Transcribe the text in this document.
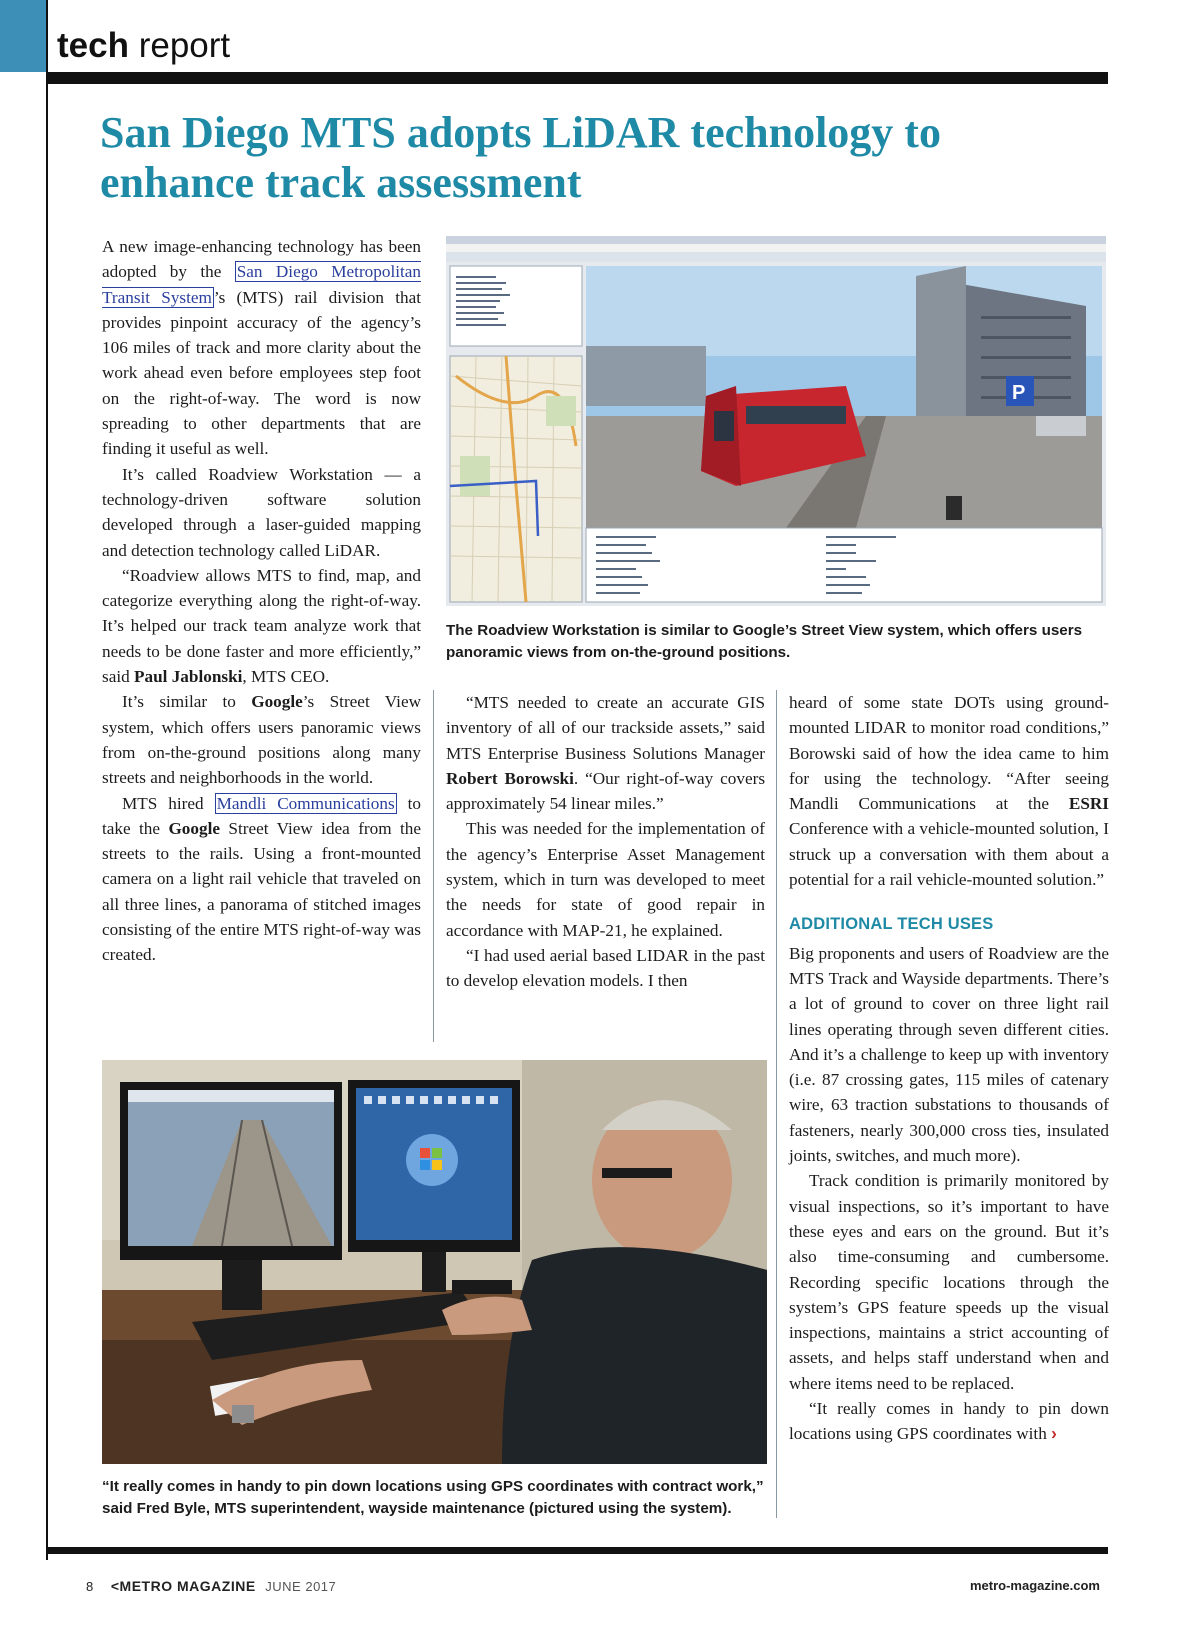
tech report
San Diego MTS adopts LiDAR technology to enhance track assessment

A new image-enhancing technology has been adopted by the San Diego Metropolitan Transit System ’s (MTS) rail division that provides pinpoint accuracy of the agency’s 106 miles of track and more clarity about the work ahead even before employees step foot on the right-of-way. The word is now spreading to other departments that are finding it useful as well.

It’s called Roadview Workstation — a technology-driven software solution developed through a laser-guided mapping and detection technology called LiDAR.

“Roadview allows MTS to find, map, and categorize everything along the right-of-way. It’s helped our track team analyze work that needs to be done faster and more efficiently,” said Paul Jablonski, MTS CEO.

It’s similar to Google’s Street View system, which offers users panoramic views from on-the-ground positions along many streets and neighborhoods in the world.

MTS hired Mandli Communications to take the Google Street View idea from the streets to the rails. Using a front-mounted camera on a light rail vehicle that traveled on all three lines, a panorama of stitched images consisting of the entire MTS right-of-way was created.

P
The Roadview Workstation is similar to Google’s Street View system, which offers users panoramic views from on-the-ground positions.

“MTS needed to create an accurate GIS inventory of all of our trackside assets,” said MTS Enterprise Business Solutions Manager Robert Borowski. “Our right-of-way covers approximately 54 linear miles.”

This was needed for the implementation of the agency’s Enterprise Asset Management system, which in turn was developed to meet the needs for state of good repair in accordance with MAP-21, he explained.

“I had used aerial based LIDAR in the past to develop elevation models. I then

heard of some state DOTs using ground-mounted LIDAR to monitor road conditions,” Borowski said of how the idea came to him for using the technology. “After seeing Mandli Communications at the ESRI Conference with a vehicle-mounted solution, I struck up a conversation with them about a potential for a rail vehicle-mounted solution.”

ADDITIONAL TECH USES

Big proponents and users of Roadview are the MTS Track and Wayside departments. There’s a lot of ground to cover on three light rail lines operating through seven different cities. And it’s a challenge to keep up with inventory (i.e. 87 crossing gates, 115 miles of catenary wire, 63 traction substations to thousands of fasteners, nearly 300,000 cross ties, insulated joints, switches, and much more).

Track condition is primarily monitored by visual inspections, so it’s important to have these eyes and ears on the ground. But it’s also time-consuming and cumbersome. Recording specific locations through the system’s GPS feature speeds up the visual inspections, maintains a strict accounting of assets, and helps staff understand when and where items need to be replaced.

“It really comes in handy to pin down locations using GPS coordinates with ›

“It really comes in handy to pin down locations using GPS coordinates with contract work,” said Fred Byle, MTS superintendent, wayside maintenance (pictured using the system).
8 <METRO MAGAZINE JUNE 2017	metro-magazine.com
